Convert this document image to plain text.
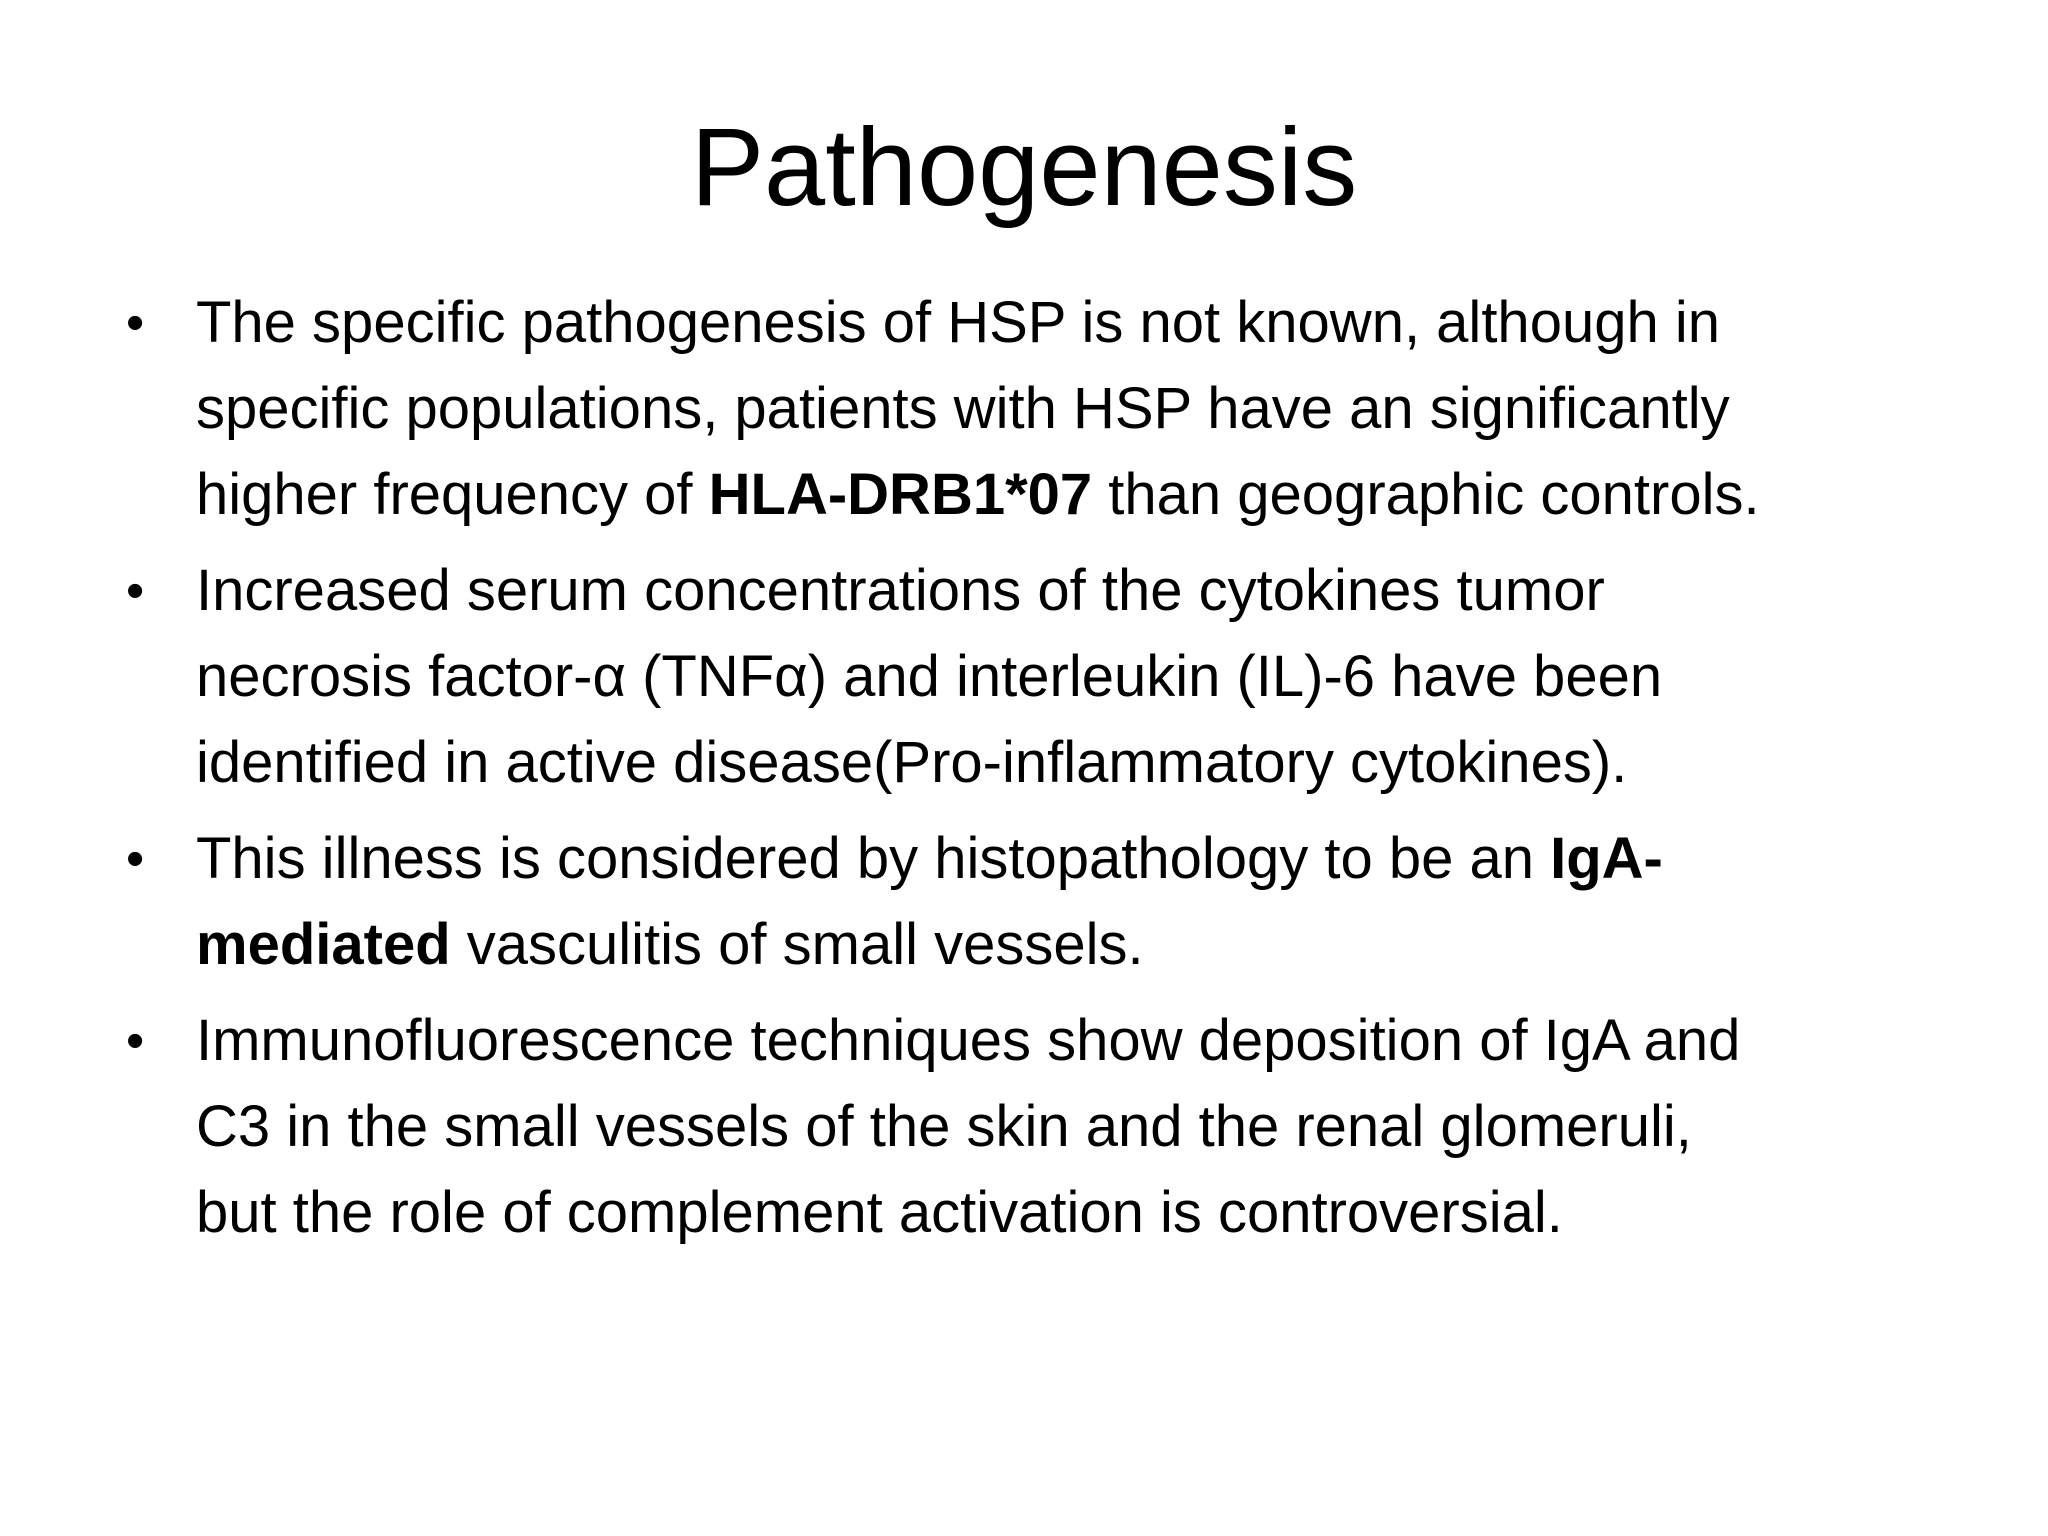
Pathogenesis
• The specific pathogenesis of HSP is not known, although in
specific populations, patients with HSP have an significantly
higher frequency of HLA-DRB1*07 than geographic controls.
• Increased serum concentrations of the cytokines tumor
necrosis factor-α (TNFα) and interleukin (IL)-6 have been
identified in active disease(Pro-inflammatory cytokines).
• This illness is considered by histopathology to be an IgA-
mediated vasculitis of small vessels.
• Immunofluorescence techniques show deposition of IgA and
C3 in the small vessels of the skin and the renal glomeruli,
but the role of complement activation is controversial.
